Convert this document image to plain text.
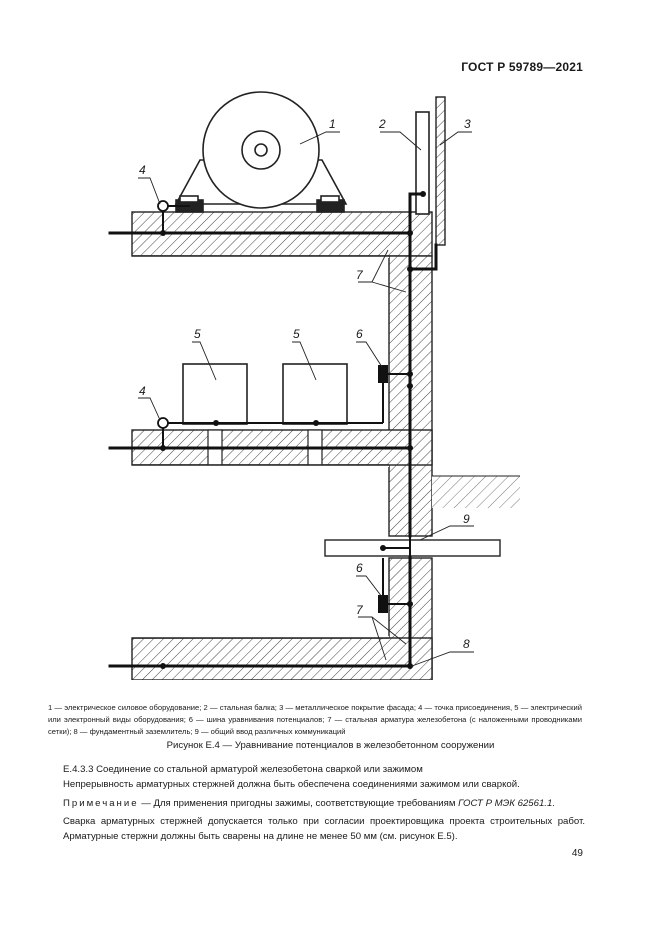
ГОСТ Р 59789—2021
1	2	3
4
4
5	5	6
6
7
7
8
9
1 — электрическое силовое оборудование; 2 — стальная балка; 3 — металлическое покрытие фасада; 4 — точка присоединения, 5 — электрический или электронный виды оборудования; 6 — шина уравнивания потенциалов; 7 — стальная арматура железобетона (с наложенными проводниками сетки); 8 — фундаментный заземлитель; 9 — общий ввод различных коммуникаций
Рисунок Е.4 — Уравнивание потенциалов в железобетонном сооружении
Е.4.3.3 Соединение со стальной арматурой железобетона сваркой или зажимом
Непрерывность арматурных стержней должна быть обеспечена соединениями зажимом или сваркой.
Примечание — Для применения пригодны зажимы, соответствующие требованиям ГОСТ Р МЭК 62561.1.
Сварка арматурных стержней допускается только при согласии проектировщика проекта строительных работ. Арматурные стержни должны быть сварены на длине не менее 50 мм (см. рисунок Е.5).
49
